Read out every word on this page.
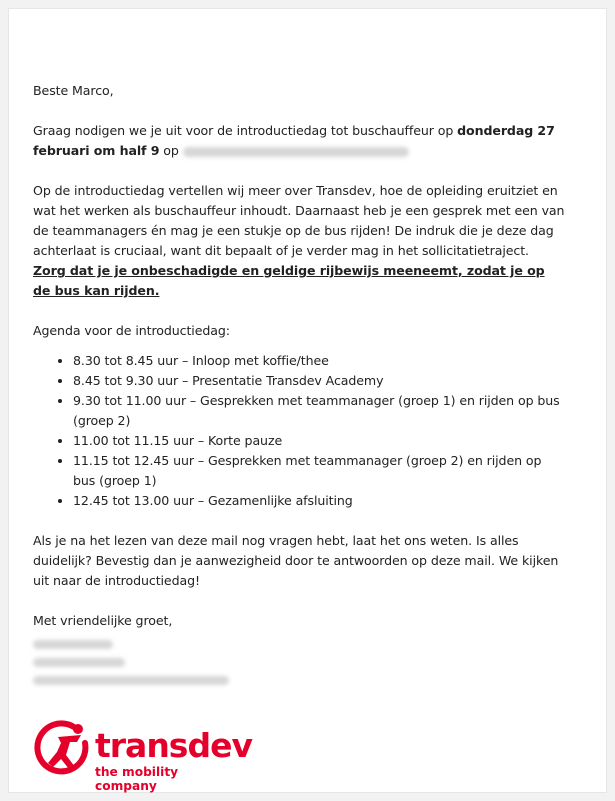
Beste Marco,

Graag nodigen we je uit voor de introductiedag tot buschauffeur op donderdag 27 februari om half 9 op

Op de introductiedag vertellen wij meer over Transdev, hoe de opleiding eruitziet en wat het werken als buschauffeur inhoudt. Daarnaast heb je een gesprek met een van de teammanagers én mag je een stukje op de bus rijden! De indruk die je deze dag achterlaat is cruciaal, want dit bepaalt of je verder mag in het sollicitatietraject. Zorg dat je je onbeschadigde en geldige rijbewijs meeneemt, zodat je op de bus kan rijden.

Agenda voor de introductiedag:

• 8.30 tot 8.45 uur – Inloop met koffie/thee
• 8.45 tot 9.30 uur – Presentatie Transdev Academy
• 9.30 tot 11.00 uur – Gesprekken met teammanager (groep 1) en rijden op bus (groep 2)
• 11.00 tot 11.15 uur – Korte pauze
• 11.15 tot 12.45 uur – Gesprekken met teammanager (groep 2) en rijden op bus (groep 1)
• 12.45 tot 13.00 uur – Gezamenlijke afsluiting

Als je na het lezen van deze mail nog vragen hebt, laat het ons weten. Is alles duidelijk? Bevestig dan je aanwezigheid door te antwoorden op deze mail. We kijken uit naar de introductiedag!

Met vriendelijke groet,
transdev
the mobility company
